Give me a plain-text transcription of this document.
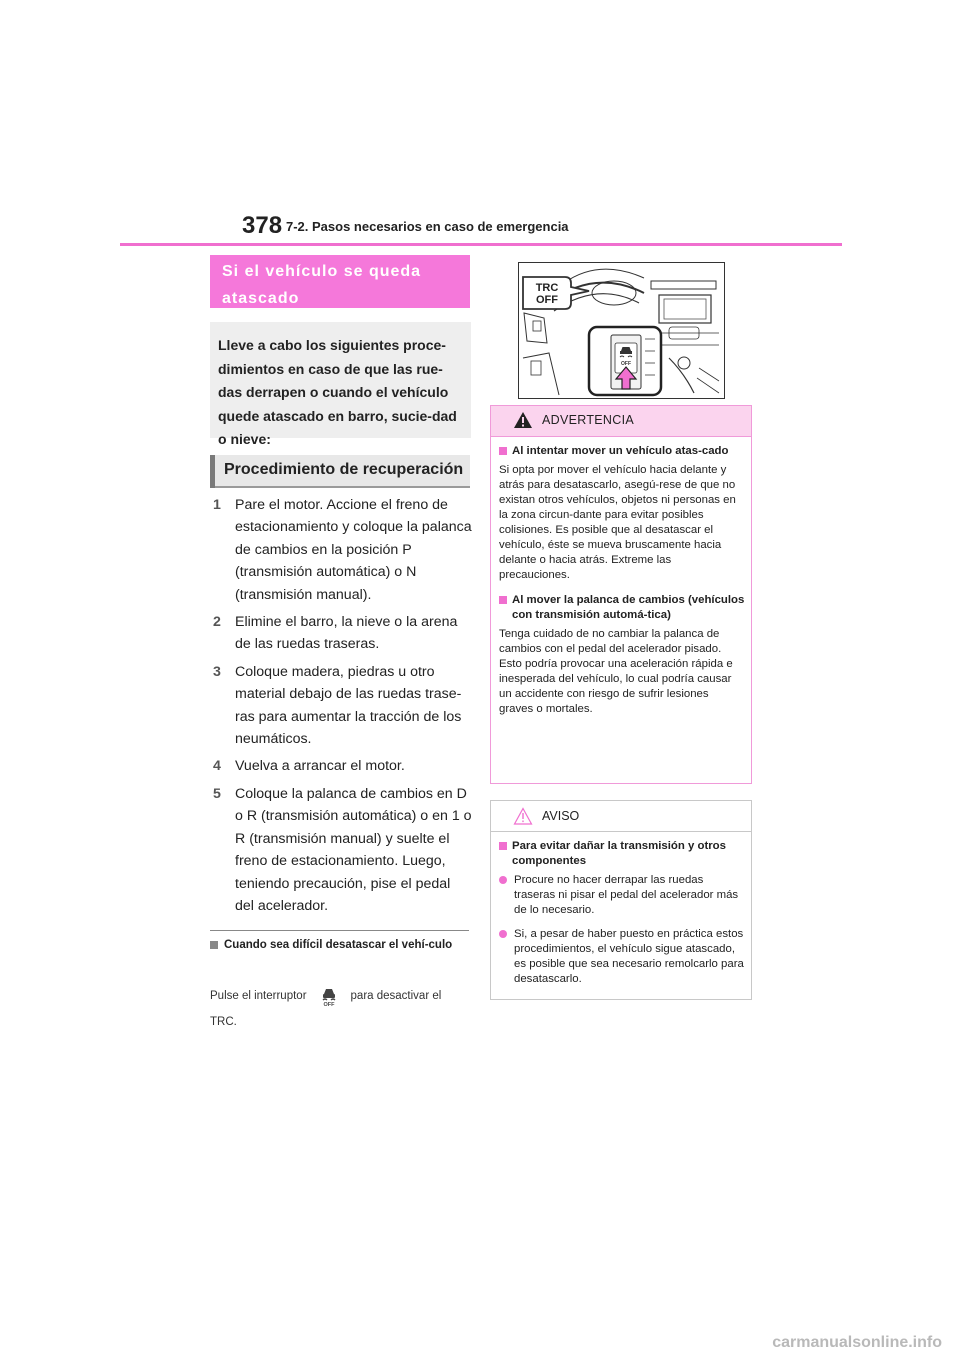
378 7-2. Pasos necesarios en caso de emergencia
Si el vehículo se queda
atascado
Lleve a cabo los siguientes proce-dimientos en caso de que las rue-das derrapen o cuando el vehículo quede atascado en barro, sucie-dad o nieve:
Procedimiento de recuperación
1 Pare el motor. Accione el freno de estacionamiento y coloque la palanca de cambios en la posición P (transmisión automática) o N (transmisión manual).
2 Elimine el barro, la nieve o la arena de las ruedas traseras.
3 Coloque madera, piedras u otro material debajo de las ruedas trase-ras para aumentar la tracción de los neumáticos.
4 Vuelva a arrancar el motor.
5 Coloque la palanca de cambios en D o R (transmisión automática) o en 1 o R (transmisión manual) y suelte el freno de estacionamiento. Luego, teniendo precaución, pise el pedal del acelerador.
Cuando sea difícil desatascar el vehí-culo
Pulse el interruptor
OFF
para desactivar el
TRC.
TRC
OFF
OFF
ADVERTENCIA
Al intentar mover un vehículo atas-cado
Si opta por mover el vehículo hacia delante y atrás para desatascarlo, asegú-rese de que no existan otros vehículos, objetos ni personas en la zona circun-dante para evitar posibles colisiones. Es posible que al desatascar el vehículo, éste se mueva bruscamente hacia delante o hacia atrás. Extreme las precauciones.
Al mover la palanca de cambios (vehículos con transmisión automá-tica)
Tenga cuidado de no cambiar la palanca de cambios con el pedal del acelerador pisado.
Esto podría provocar una aceleración rápida e inesperada del vehículo, lo cual podría causar un accidente con riesgo de sufrir lesiones graves o mortales.
AVISO
Para evitar dañar la transmisión y otros componentes
Procure no hacer derrapar las ruedas traseras ni pisar el pedal del acelerador más de lo necesario.
Si, a pesar de haber puesto en práctica estos procedimientos, el vehículo sigue atascado, es posible que sea necesario remolcarlo para desatascarlo.
carmanualsonline.info
